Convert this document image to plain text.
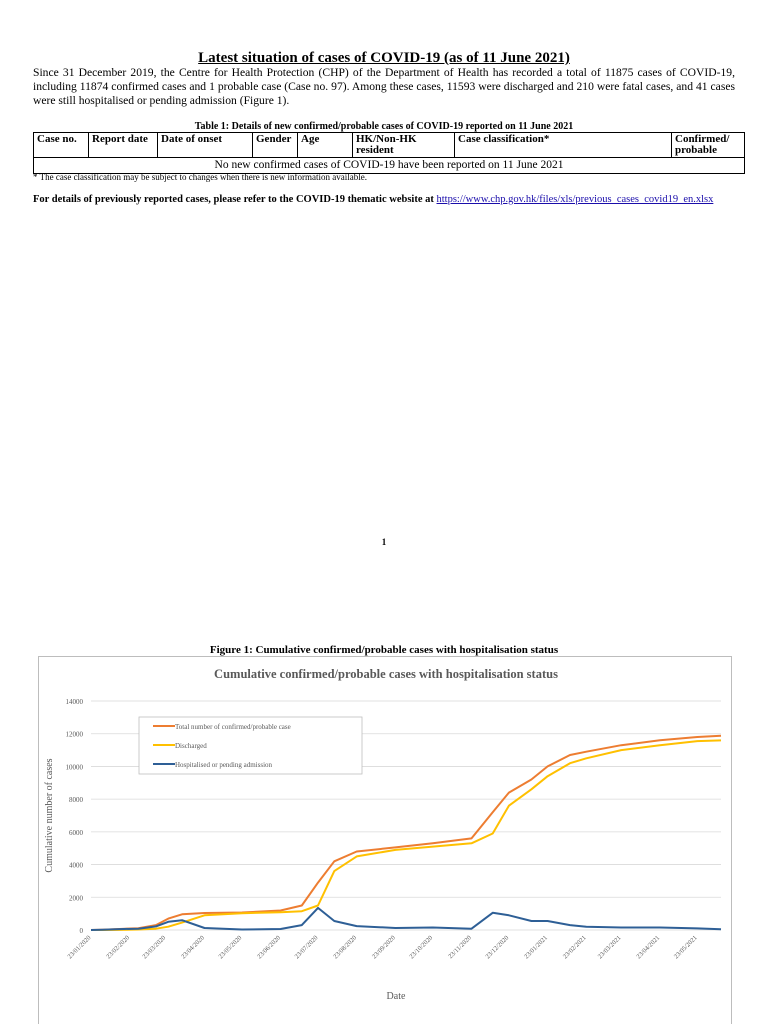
Latest situation of cases of COVID-19 (as of 11 June 2021)
Since 31 December 2019, the Centre for Health Protection (CHP) of the Department of Health has recorded a total of 11875 cases of COVID-19, including 11874 confirmed cases and 1 probable case (Case no. 97). Among these cases, 11593 were discharged and 210 were fatal cases, and 41 cases were still hospitalised or pending admission (Figure 1).
Table 1: Details of new confirmed/probable cases of COVID-19 reported on 11 June 2021
Case no.	Report date	Date of onset	Gender	Age	HK/Non-HK resident	Case classification*	Confirmed/ probable
No new confirmed cases of COVID-19 have been reported on 11 June 2021
* The case classification may be subject to changes when there is new information available.
For details of previously reported cases, please refer to the COVID-19 thematic website at https://www.chp.gov.hk/files/xls/previous_cases_covid19_en.xlsx
1
Figure 1: Cumulative confirmed/probable cases with hospitalisation status
Cumulative confirmed/probable cases with hospitalisation status
0
2000
4000
6000
8000
10000
12000
14000
23/01/2020 23/02/2020 23/03/2020 23/04/2020 23/05/2020 23/06/2020 23/07/2020 23/08/2020 23/09/2020 23/10/2020 23/11/2020 23/12/2020 23/01/2021 23/02/2021 23/03/2021 23/04/2021 23/05/2021
Cumulative number of cases
Date
Total number of confirmed/probable case
Discharged
Hospitalised or pending admission
